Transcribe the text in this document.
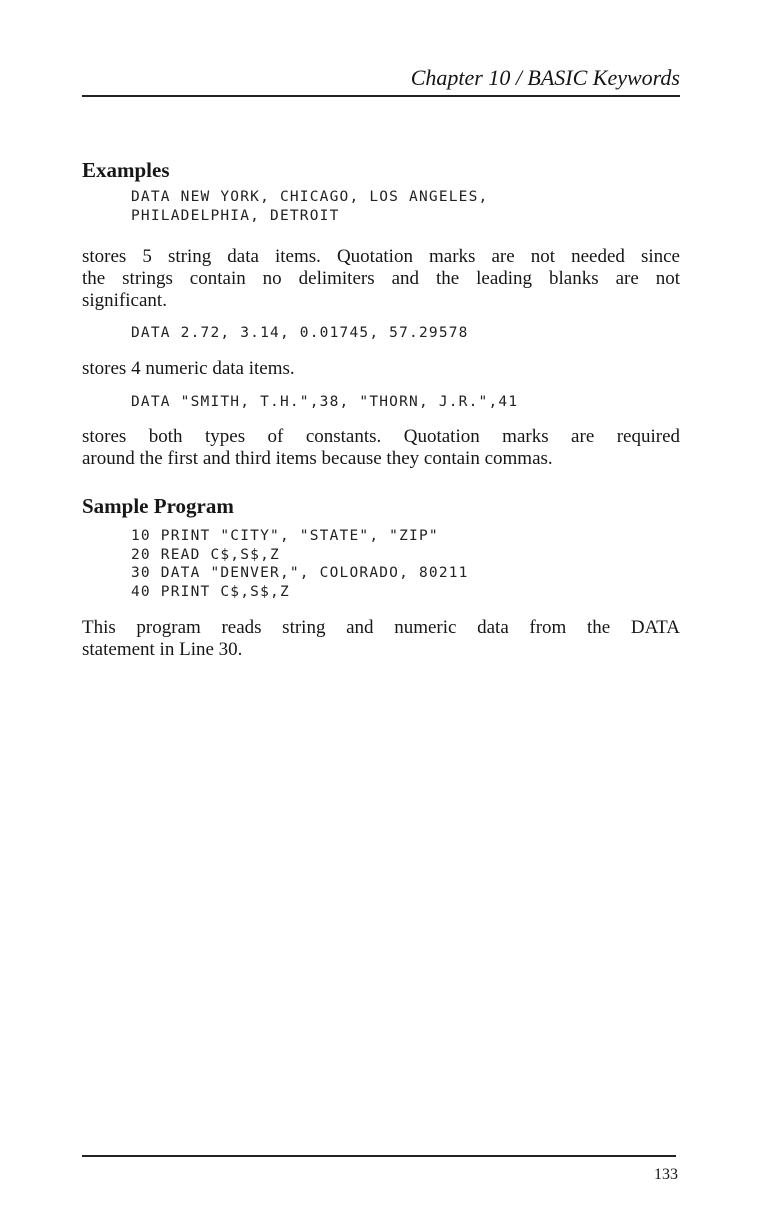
Chapter 10 / BASIC Keywords
Examples
DATA NEW YORK, CHICAGO, LOS ANGELES,
PHILADELPHIA, DETROIT

stores 5 string data items. Quotation marks are not needed since

the strings contain no delimiters and the leading blanks are not

significant.

DATA 2.72, 3.14, 0.01745, 57.29578

stores 4 numeric data items.

DATA "SMITH, T.H.",38, "THORN, J.R.",41

stores both types of constants. Quotation marks are required

around the first and third items because they contain commas.

Sample Program
10 PRINT "CITY", "STATE", "ZIP"
20 READ C$,S$,Z
30 DATA "DENVER,", COLORADO, 80211
40 PRINT C$,S$,Z

This program reads string and numeric data from the DATA

statement in Line 30.

133
